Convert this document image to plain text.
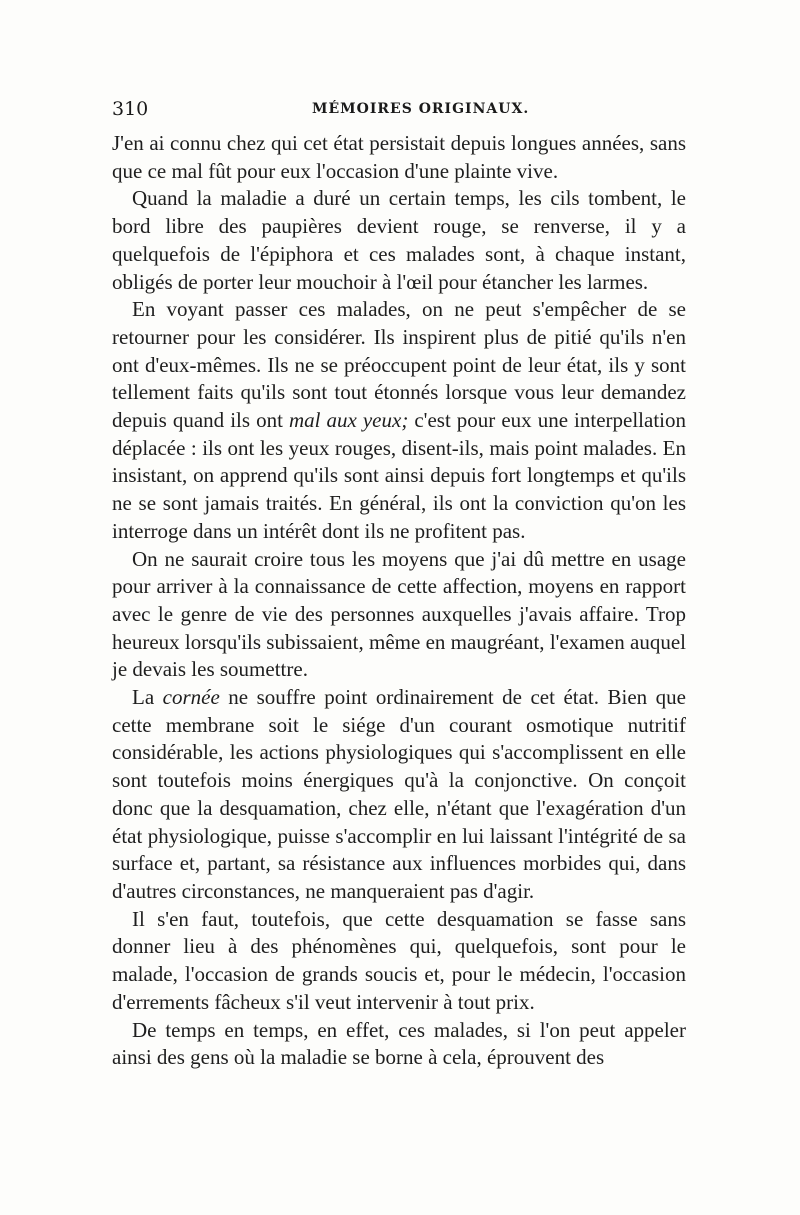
310	MÉMOIRES ORIGINAUX.

J'en ai connu chez qui cet état persistait depuis longues années, sans que ce mal fût pour eux l'occasion d'une plainte vive.

Quand la maladie a duré un certain temps, les cils tombent, le bord libre des paupières devient rouge, se renverse, il y a quelquefois de l'épiphora et ces malades sont, à chaque instant, obligés de porter leur mouchoir à l'œil pour étancher les larmes.

En voyant passer ces malades, on ne peut s'empêcher de se retourner pour les considérer. Ils inspirent plus de pitié qu'ils n'en ont d'eux-mêmes. Ils ne se préoccupent point de leur état, ils y sont tellement faits qu'ils sont tout étonnés lorsque vous leur demandez depuis quand ils ont mal aux yeux; c'est pour eux une interpellation déplacée : ils ont les yeux rouges, disent-ils, mais point malades. En insistant, on apprend qu'ils sont ainsi depuis fort longtemps et qu'ils ne se sont jamais traités. En général, ils ont la conviction qu'on les interroge dans un intérêt dont ils ne profitent pas.

On ne saurait croire tous les moyens que j'ai dû mettre en usage pour arriver à la connaissance de cette affection, moyens en rapport avec le genre de vie des personnes auxquelles j'avais affaire. Trop heureux lorsqu'ils subissaient, même en maugréant, l'examen auquel je devais les soumettre.

La cornée ne souffre point ordinairement de cet état. Bien que cette membrane soit le siége d'un courant osmotique nutritif considérable, les actions physiologiques qui s'accomplissent en elle sont toutefois moins énergiques qu'à la conjonctive. On conçoit donc que la desquamation, chez elle, n'étant que l'exagération d'un état physiologique, puisse s'accomplir en lui laissant l'intégrité de sa surface et, partant, sa résistance aux influences morbides qui, dans d'autres circonstances, ne manqueraient pas d'agir.

Il s'en faut, toutefois, que cette desquamation se fasse sans donner lieu à des phénomènes qui, quelquefois, sont pour le malade, l'occasion de grands soucis et, pour le médecin, l'occasion d'errements fâcheux s'il veut intervenir à tout prix.

De temps en temps, en effet, ces malades, si l'on peut appeler ainsi des gens où la maladie se borne à cela, éprouvent des
